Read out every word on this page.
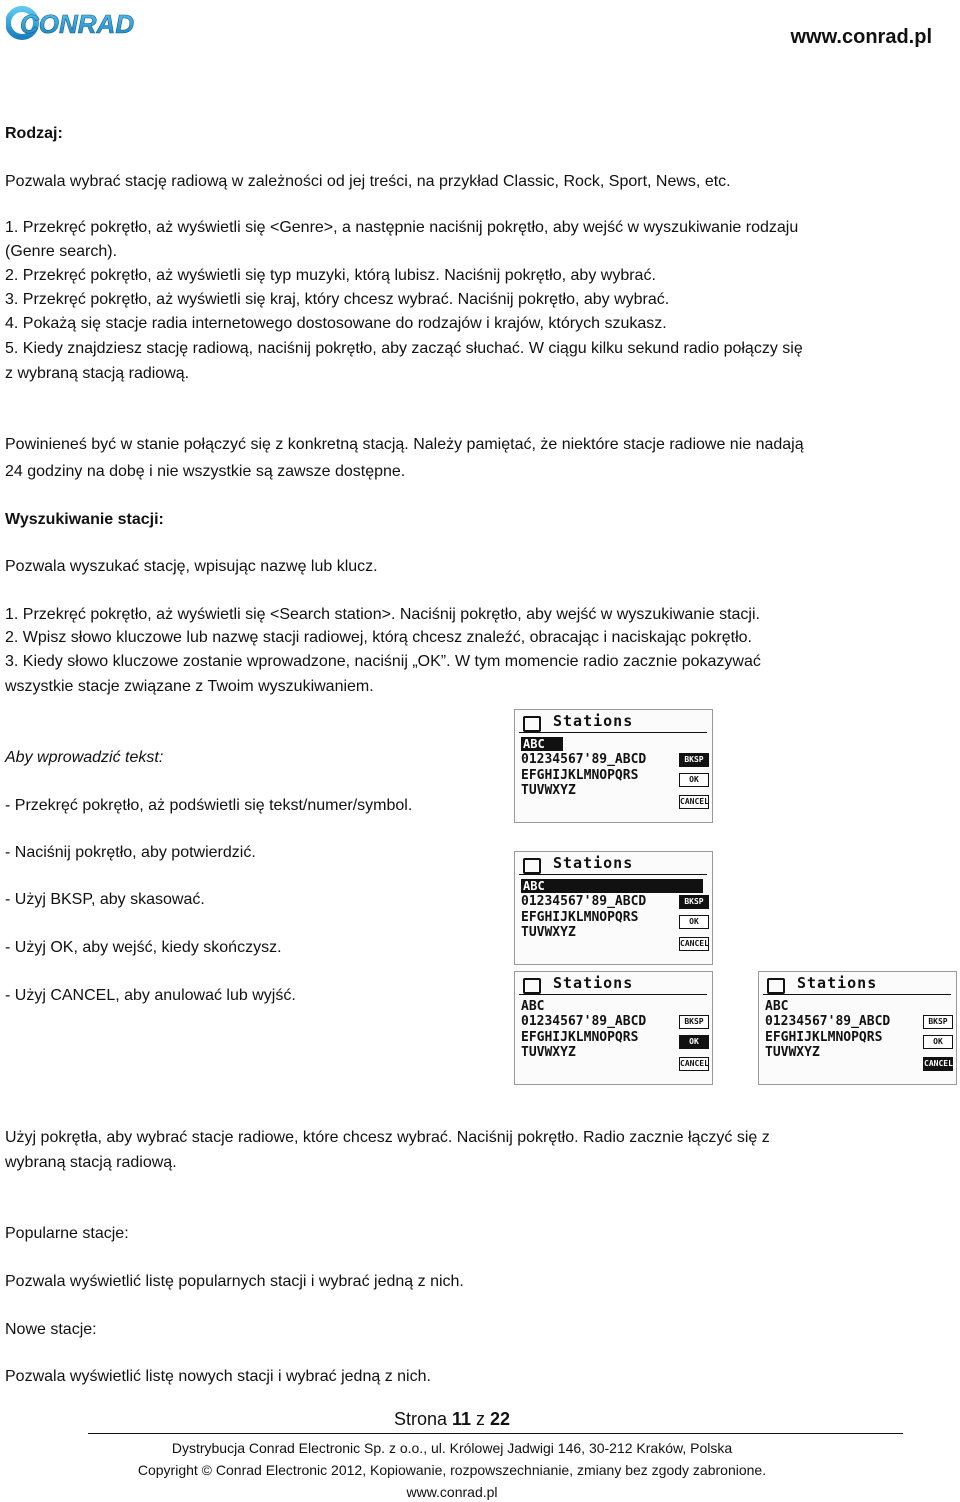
CONRAD	www.conrad.pl
Rodzaj:
Pozwala wybrać stację radiową w zależności od jej treści, na przykład Classic, Rock, Sport, News, etc.
1. Przekręć pokrętło, aż wyświetli się <Genre>, a następnie naciśnij pokrętło, aby wejść w wyszukiwanie rodzaju
(Genre search).
2. Przekręć pokrętło, aż wyświetli się typ muzyki, którą lubisz. Naciśnij pokrętło, aby wybrać.
3. Przekręć pokrętło, aż wyświetli się kraj, który chcesz wybrać. Naciśnij pokrętło, aby wybrać.
4. Pokażą się stacje radia internetowego dostosowane do rodzajów i krajów, których szukasz.
5. Kiedy znajdziesz stację radiową, naciśnij pokrętło, aby zacząć słuchać. W ciągu kilku sekund radio połączy się
z wybraną stacją radiową.
Powinieneś być w stanie połączyć się z konkretną stacją. Należy pamiętać, że niektóre stacje radiowe nie nadają
24 godziny na dobę i nie wszystkie są zawsze dostępne.
Wyszukiwanie stacji:
Pozwala wyszukać stację, wpisując nazwę lub klucz.
1. Przekręć pokrętło, aż wyświetli się <Search station>. Naciśnij pokrętło, aby wejść w wyszukiwanie stacji.
2. Wpisz słowo kluczowe lub nazwę stacji radiowej, którą chcesz znaleźć, obracając i naciskając pokrętło.
3. Kiedy słowo kluczowe zostanie wprowadzone, naciśnij „OK”. W tym momencie radio zacznie pokazywać
wszystkie stacje związane z Twoim wyszukiwaniem.
Aby wprowadzić tekst:
- Przekręć pokrętło, aż podświetli się tekst/numer/symbol.
- Naciśnij pokrętło, aby potwierdzić.
- Użyj BKSP, aby skasować.
- Użyj OK, aby wejść, kiedy skończysz.
- Użyj CANCEL, aby anulować lub wyjść.
Stations
ABC
01234567'89_ABCD
EFGHIJKLMNOPQRS
TUVWXYZ
BKSP
OK
CANCEL
Stations
ABC
01234567'89_ABCD
EFGHIJKLMNOPQRS
TUVWXYZ
BKSP
OK
CANCEL
Stations
ABC
01234567'89_ABCD
EFGHIJKLMNOPQRS
TUVWXYZ
BKSP
OK
CANCEL
Stations
ABC
01234567'89_ABCD
EFGHIJKLMNOPQRS
TUVWXYZ
BKSP
OK
CANCEL
Użyj pokrętła, aby wybrać stacje radiowe, które chcesz wybrać. Naciśnij pokrętło. Radio zacznie łączyć się z
wybraną stacją radiową.
Popularne stacje:
Pozwala wyświetlić listę popularnych stacji i wybrać jedną z nich.
Nowe stacje:
Pozwala wyświetlić listę nowych stacji i wybrać jedną z nich.
Strona 11 z 22
Dystrybucja Conrad Electronic Sp. z o.o., ul. Królowej Jadwigi 146, 30-212 Kraków, Polska
Copyright © Conrad Electronic 2012, Kopiowanie, rozpowszechnianie, zmiany bez zgody zabronione.
www.conrad.pl
